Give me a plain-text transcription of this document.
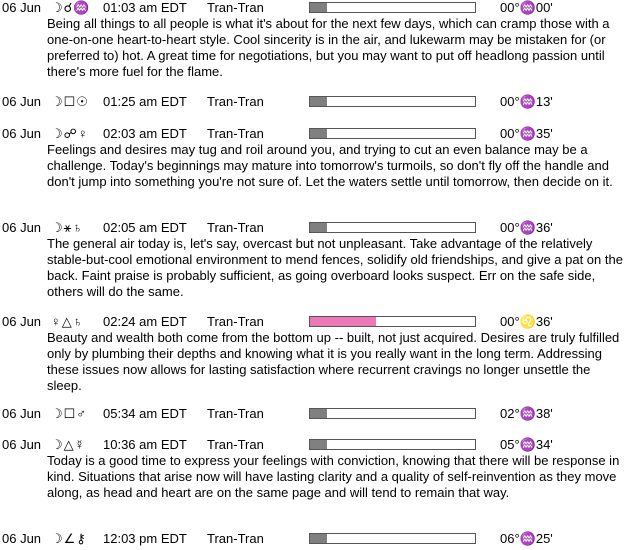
06 Jun ☽☌♒ 01:03 am EDT Tran-Tran	00°♒00'
Being all things to all people is what it's about for the next few days, which can cramp those with a one-on-one heart-to-heart style. Cool sincerity is in the air, and lukewarm may be mistaken for (or preferred to) hot. A great time for negotiations, but you may want to put off headlong passion until there's more fuel for the flame.
06 Jun ☽☐☉ 01:25 am EDT Tran-Tran	00°♒13'
06 Jun ☽☍♀ 02:03 am EDT Tran-Tran	00°♒35'
Feelings and desires may tug and roil around you, and trying to cut an even balance may be a challenge. Today's beginnings may mature into tomorrow's turmoils, so don't fly off the handle and don't jump into something you're not sure of. Let the waters settle until tomorrow, then decide on it.
06 Jun ☽⚹♄ 02:05 am EDT Tran-Tran	00°♒36'
The general air today is, let's say, overcast but not unpleasant. Take advantage of the relatively stable-but-cool emotional environment to mend fences, solidify old friendships, and give a pat on the back. Faint praise is probably sufficient, as going overboard looks suspect. Err on the safe side, others will do the same.
06 Jun ♀△♄ 02:24 am EDT Tran-Tran	00°♌36'
Beauty and wealth both come from the bottom up -- built, not just acquired. Desires are truly fulfilled only by plumbing their depths and knowing what it is you really want in the long term. Addressing these issues now allows for lasting satisfaction where recurrent cravings no longer unsettle the sleep.
06 Jun ☽☐♂ 05:34 am EDT Tran-Tran	02°♒38'
06 Jun ☽△☿ 10:36 am EDT Tran-Tran	05°♒34'
Today is a good time to express your feelings with conviction, knowing that there will be response in kind. Situations that arise now will have lasting clarity and a quality of self-reinvention as they move along, as head and heart are on the same page and will tend to remain that way.
06 Jun ☽∠⚷ 12:03 pm EDT Tran-Tran	06°♒25'
